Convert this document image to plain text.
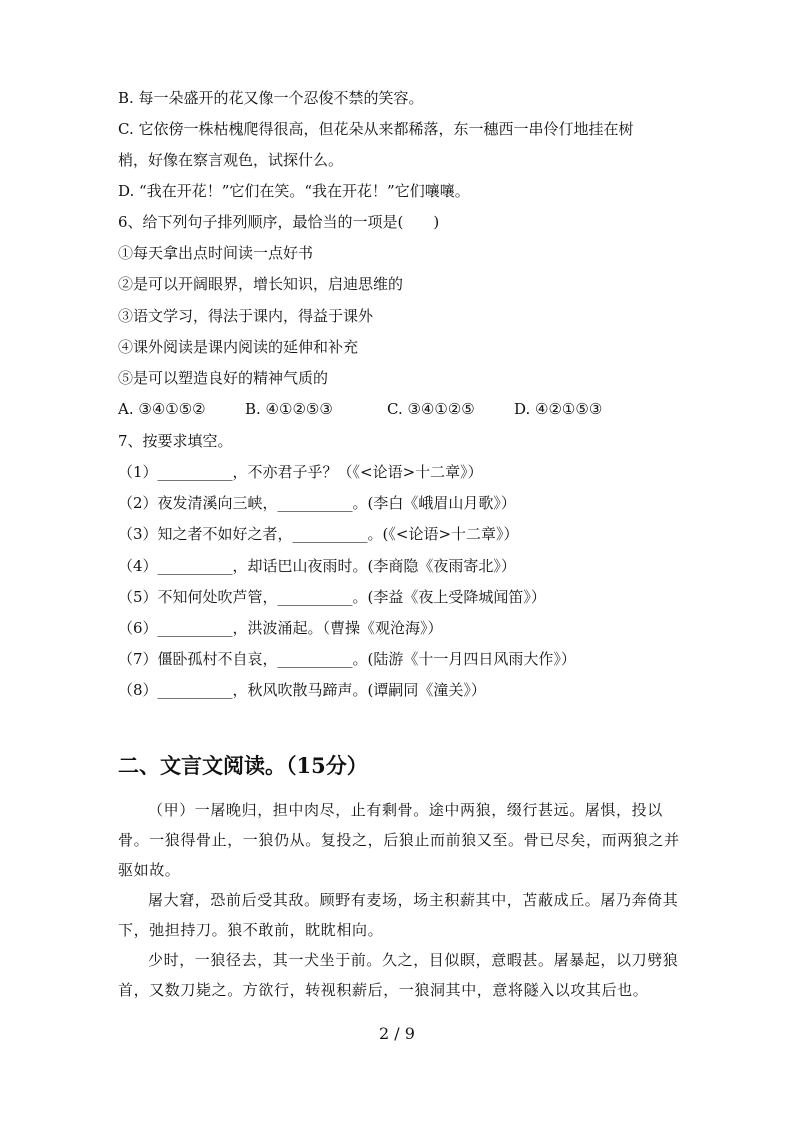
B. 每一朵盛开的花又像一个忍俊不禁的笑容。
C. 它依傍一株枯槐爬得很高，但花朵从来都稀落，东一穗西一串伶仃地挂在树
梢，好像在察言观色，试探什么。
D. “我在开花！”它们在笑。“我在开花！”它们嚷嚷。
6、给下列句子排列顺序，最恰当的一项是(　　)
①每天拿出点时间读一点好书
②是可以开阔眼界，增长知识，启迪思维的
③语文学习，得法于课内，得益于课外
④课外阅读是课内阅读的延伸和补充
⑤是可以塑造良好的精神气质的
A. ③④①⑤②	B. ④①②⑤③	C. ③④①②⑤	D. ④②①⑤③
7、按要求填空。
（1）__________，不亦君子乎？（《<论语>十二章》）
（2）夜发清溪向三峡，__________。(李白《峨眉山月歌》）
（3）知之者不如好之者，__________。(《<论语>十二章》）
（4）__________，却话巴山夜雨时。(李商隐《夜雨寄北》）
（5）不知何处吹芦管，__________。(李益《夜上受降城闻笛》）
（6）__________，洪波涌起。（曹操《观沧海》）
（7）僵卧孤村不自哀，__________。(陆游《十一月四日风雨大作》）
（8）__________，秋风吹散马蹄声。(谭嗣同《潼关》）
二、文言文阅读。（15分）
（甲）一屠晚归，担中肉尽，止有剩骨。途中两狼，缀行甚远。屠惧，投以骨。一狼得骨止，一狼仍从。复投之，后狼止而前狼又至。骨已尽矣，而两狼之并驱如故。
屠大窘，恐前后受其敌。顾野有麦场，场主积薪其中，苫蔽成丘。屠乃奔倚其下，弛担持刀。狼不敢前，眈眈相向。
少时，一狼径去，其一犬坐于前。久之，目似瞑，意暇甚。屠暴起，以刀劈狼首，又数刀毙之。方欲行，转视积薪后，一狼洞其中，意将隧入以攻其后也。
2 / 9
